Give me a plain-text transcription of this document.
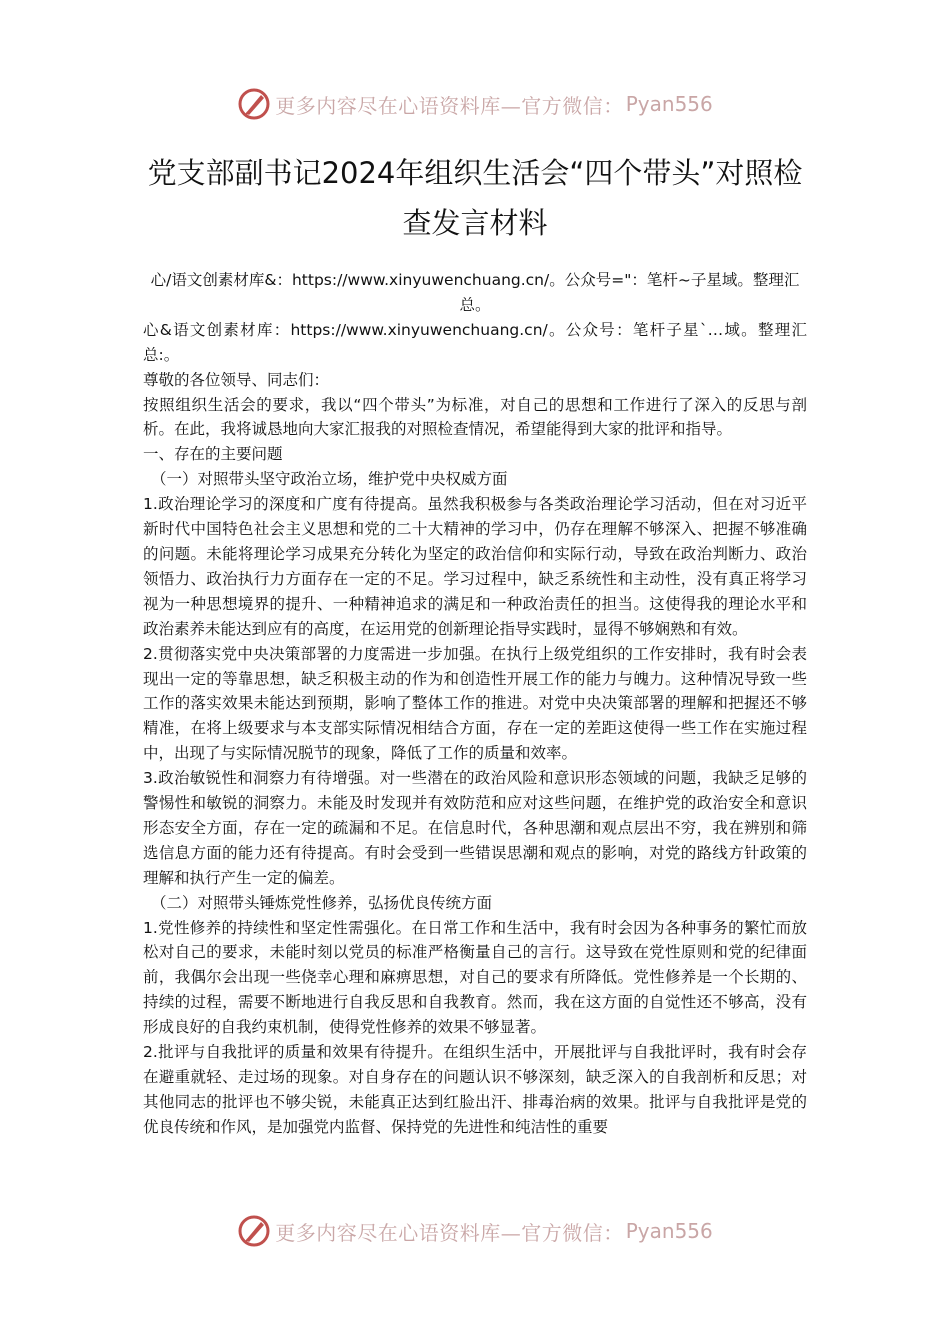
更多内容尽在心语资料库—官方微信： Pyan556
党支部副书记2024年组织生活会“四个带头”对照检查发言材料

心/语文创素材库&：https://www.xinyuwenchuang.cn/。公众号="：笔杆~子星域。整理汇总。

心&语文创素材库：https://www.xinyuwenchuang.cn/。公众号：笔杆子星`…域。整理汇总:。

尊敬的各位领导、同志们：

按照组织生活会的要求，我以“四个带头”为标准，对自己的思想和工作进行了深入的反思与剖析。在此，我将诚恳地向大家汇报我的对照检查情况，希望能得到大家的批评和指导。

一、存在的主要问题

（一）对照带头坚守政治立场，维护党中央权威方面

1.政治理论学习的深度和广度有待提高。虽然我积极参与各类政治理论学习活动，但在对习近平新时代中国特色社会主义思想和党的二十大精神的学习中，仍存在理解不够深入、把握不够准确的问题。未能将理论学习成果充分转化为坚定的政治信仰和实际行动，导致在政治判断力、政治领悟力、政治执行力方面存在一定的不足。学习过程中，缺乏系统性和主动性，没有真正将学习视为一种思想境界的提升、一种精神追求的满足和一种政治责任的担当。这使得我的理论水平和政治素养未能达到应有的高度，在运用党的创新理论指导实践时，显得不够娴熟和有效。

2.贯彻落实党中央决策部署的力度需进一步加强。在执行上级党组织的工作安排时，我有时会表现出一定的等靠思想，缺乏积极主动的作为和创造性开展工作的能力与魄力。这种情况导致一些工作的落实效果未能达到预期，影响了整体工作的推进。对党中央决策部署的理解和把握还不够精准，在将上级要求与本支部实际情况相结合方面，存在一定的差距这使得一些工作在实施过程中，出现了与实际情况脱节的现象，降低了工作的质量和效率。

3.政治敏锐性和洞察力有待增强。对一些潜在的政治风险和意识形态领域的问题，我缺乏足够的警惕性和敏锐的洞察力。未能及时发现并有效防范和应对这些问题，在维护党的政治安全和意识形态安全方面，存在一定的疏漏和不足。在信息时代，各种思潮和观点层出不穷，我在辨别和筛选信息方面的能力还有待提高。有时会受到一些错误思潮和观点的影响，对党的路线方针政策的理解和执行产生一定的偏差。

（二）对照带头锤炼党性修养，弘扬优良传统方面

1.党性修养的持续性和坚定性需强化。在日常工作和生活中，我有时会因为各种事务的繁忙而放松对自己的要求，未能时刻以党员的标准严格衡量自己的言行。这导致在党性原则和党的纪律面前，我偶尔会出现一些侥幸心理和麻痹思想，对自己的要求有所降低。党性修养是一个长期的、持续的过程，需要不断地进行自我反思和自我教育。然而，我在这方面的自觉性还不够高，没有形成良好的自我约束机制，使得党性修养的效果不够显著。

2.批评与自我批评的质量和效果有待提升。在组织生活中，开展批评与自我批评时，我有时会存在避重就轻、走过场的现象。对自身存在的问题认识不够深刻，缺乏深入的自我剖析和反思；对其他同志的批评也不够尖锐，未能真正达到红脸出汗、排毒治病的效果。批评与自我批评是党的优良传统和作风，是加强党内监督、保持党的先进性和纯洁性的重要

更多内容尽在心语资料库—官方微信： Pyan556
